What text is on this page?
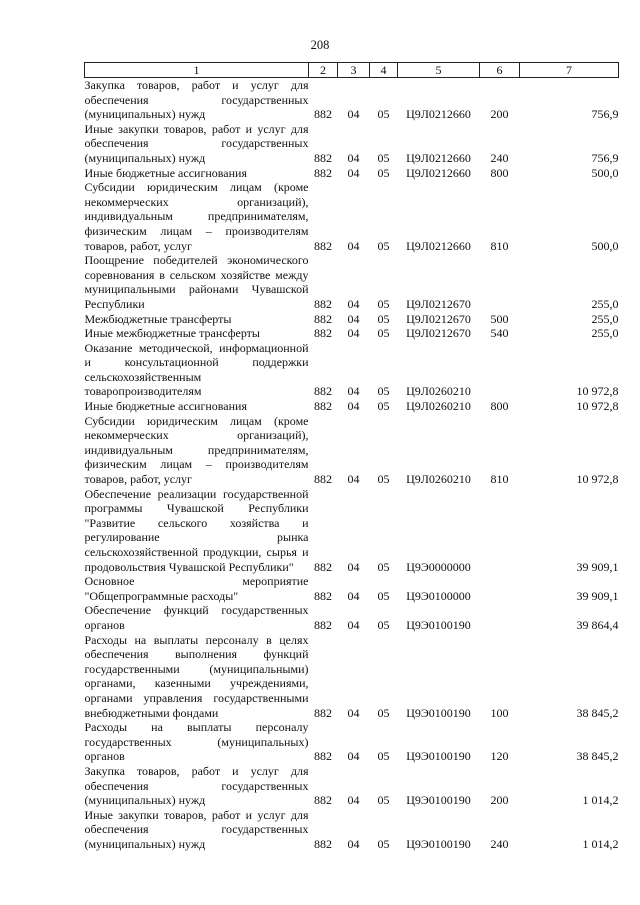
208
1	2	3	4	5	6	7
Закупка товаров, работ и услуг для обеспечения государственных (муниципальных) нужд	882	04	05	Ц9Л0212660	200	756,9
Иные закупки товаров, работ и услуг для обеспечения государственных (муниципальных) нужд	882	04	05	Ц9Л0212660	240	756,9
Иные бюджетные ассигнования	882	04	05	Ц9Л0212660	800	500,0
Субсидии юридическим лицам (кроме некоммерческих организаций), индивидуальным предпринимателям, физическим лицам – производителям товаров, работ, услуг	882	04	05	Ц9Л0212660	810	500,0
Поощрение победителей экономического соревнования в сельском хозяйстве между муниципальными районами Чувашской Республики	882	04	05	Ц9Л0212670		255,0
Межбюджетные трансферты	882	04	05	Ц9Л0212670	500	255,0
Иные межбюджетные трансферты	882	04	05	Ц9Л0212670	540	255,0
Оказание методической, информационной и консультационной поддержки сельскохозяйственным товаропроизводителям	882	04	05	Ц9Л0260210		10 972,8
Иные бюджетные ассигнования	882	04	05	Ц9Л0260210	800	10 972,8
Субсидии юридическим лицам (кроме некоммерческих организаций), индивидуальным предпринимателям, физическим лицам – производителям товаров, работ, услуг	882	04	05	Ц9Л0260210	810	10 972,8
Обеспечение реализации государственной программы Чувашской Республики "Развитие сельского хозяйства и регулирование рынка сельскохозяйственной продукции, сырья и продовольствия Чувашской Республики"	882	04	05	Ц9Э0000000		39 909,1
Основное мероприятие "Общепрограммные расходы"	882	04	05	Ц9Э0100000		39 909,1
Обеспечение функций государственных органов	882	04	05	Ц9Э0100190		39 864,4
Расходы на выплаты персоналу в целях обеспечения выполнения функций государственными (муниципальными) органами, казенными учреждениями, органами управления государственными внебюджетными фондами	882	04	05	Ц9Э0100190	100	38 845,2
Расходы на выплаты персоналу государственных (муниципальных) органов	882	04	05	Ц9Э0100190	120	38 845,2
Закупка товаров, работ и услуг для обеспечения государственных (муниципальных) нужд	882	04	05	Ц9Э0100190	200	1 014,2
Иные закупки товаров, работ и услуг для обеспечения государственных (муниципальных) нужд	882	04	05	Ц9Э0100190	240	1 014,2
